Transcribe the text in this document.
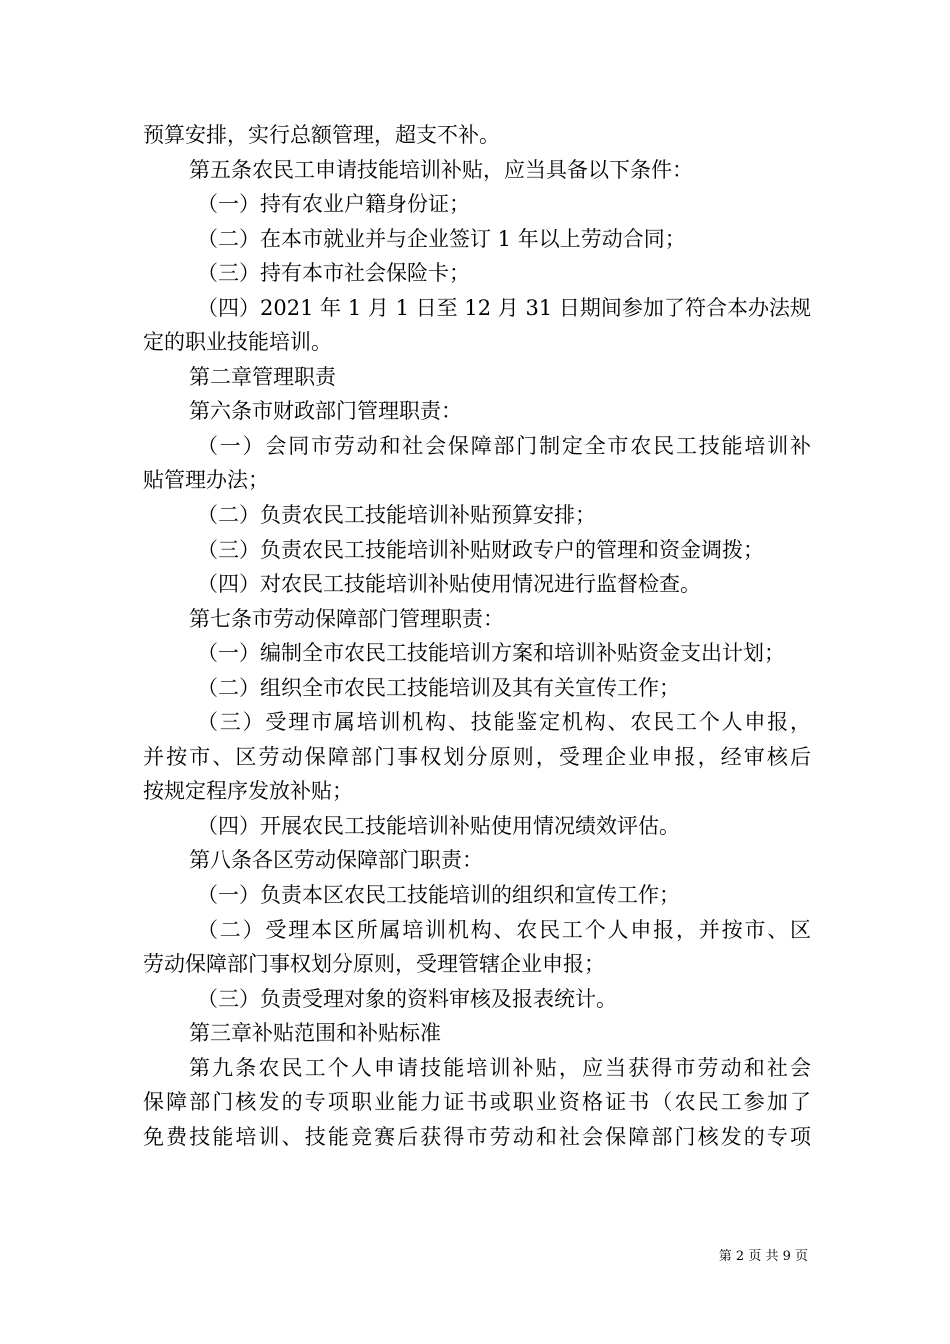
预算安排，实行总额管理，超支不补。
第五条农民工申请技能培训补贴，应当具备以下条件：
（一）持有农业户籍身份证；
（二）在本市就业并与企业签订 1 年以上劳动合同；
（三）持有本市社会保险卡；
（四）2021 年 1 月 1 日至 12 月 31 日期间参加了符合本办法规
定的职业技能培训。
第二章管理职责
第六条市财政部门管理职责：
（一）会同市劳动和社会保障部门制定全市农民工技能培训补
贴管理办法；
（二）负责农民工技能培训补贴预算安排；
（三）负责农民工技能培训补贴财政专户的管理和资金调拨；
（四）对农民工技能培训补贴使用情况进行监督检查。
第七条市劳动保障部门管理职责：
（一）编制全市农民工技能培训方案和培训补贴资金支出计划；
（二）组织全市农民工技能培训及其有关宣传工作；
（三）受理市属培训机构、技能鉴定机构、农民工个人申报，
并按市、区劳动保障部门事权划分原则，受理企业申报，经审核后
按规定程序发放补贴；
（四）开展农民工技能培训补贴使用情况绩效评估。
第八条各区劳动保障部门职责：
（一）负责本区农民工技能培训的组织和宣传工作；
（二）受理本区所属培训机构、农民工个人申报，并按市、区
劳动保障部门事权划分原则，受理管辖企业申报；
（三）负责受理对象的资料审核及报表统计。
第三章补贴范围和补贴标准
第九条农民工个人申请技能培训补贴，应当获得市劳动和社会
保障部门核发的专项职业能力证书或职业资格证书（农民工参加了
免费技能培训、技能竞赛后获得市劳动和社会保障部门核发的专项
第 2 页 共 9 页
